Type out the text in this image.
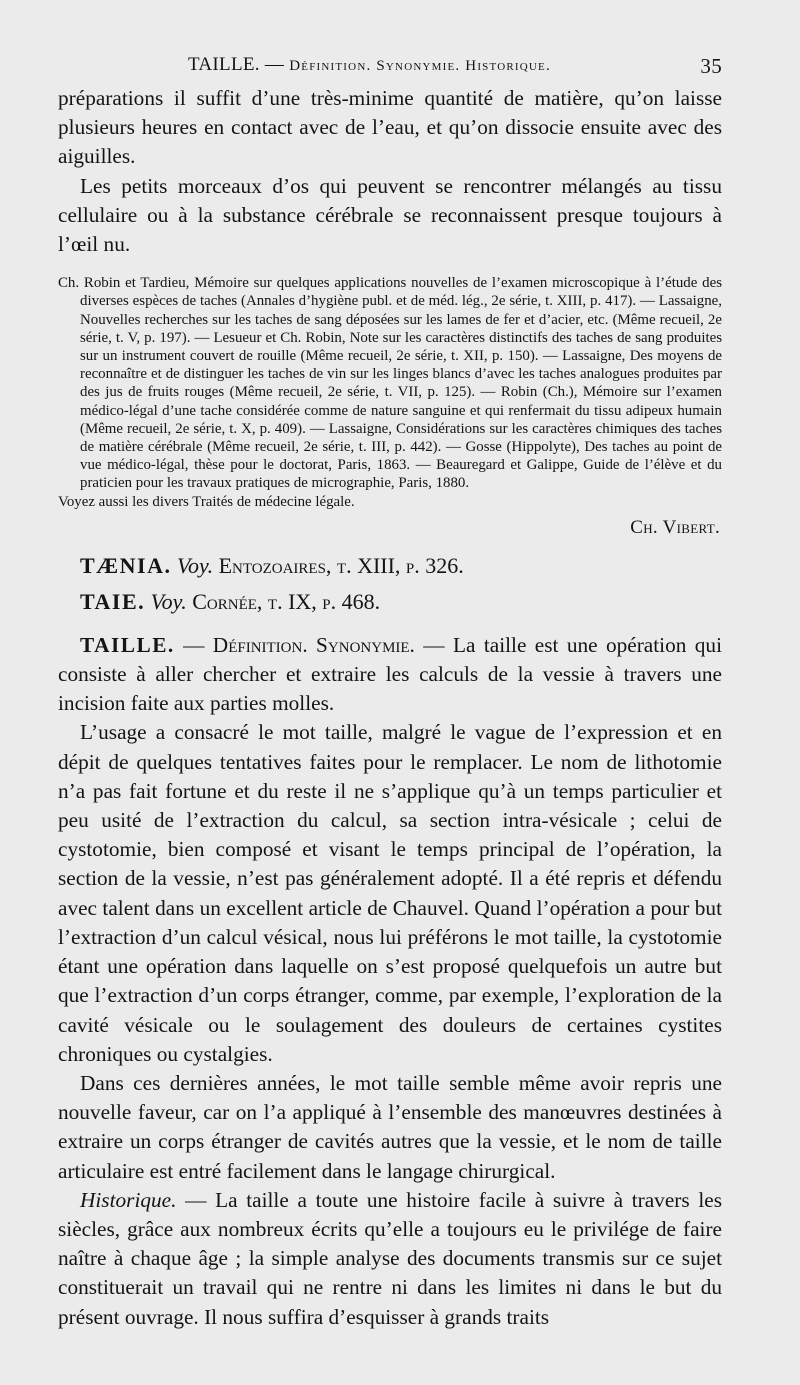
TAILLE. — Définition. Synonymie. Historique.	35

préparations il suffit d’une très-minime quantité de matière, qu’on laisse plusieurs heures en contact avec de l’eau, et qu’on dissocie ensuite avec des aiguilles.

Les petits morceaux d’os qui peuvent se rencontrer mélangés au tissu cellulaire ou à la substance cérébrale se reconnaissent presque toujours à l’œil nu.

Ch. Robin et Tardieu, Mémoire sur quelques applications nouvelles de l’examen microscopique à l’étude des diverses espèces de taches (Annales d’hygiène publ. et de méd. lég., 2e série, t. XIII, p. 417). — Lassaigne, Nouvelles recherches sur les taches de sang déposées sur les lames de fer et d’acier, etc. (Même recueil, 2e série, t. V, p. 197). — Lesueur et Ch. Robin, Note sur les caractères distinctifs des taches de sang produites sur un instrument couvert de rouille (Même recueil, 2e série, t. XII, p. 150). — Lassaigne, Des moyens de reconnaître et de distinguer les taches de vin sur les linges blancs d’avec les taches analogues produites par des jus de fruits rouges (Même recueil, 2e série, t. VII, p. 125). — Robin (Ch.), Mémoire sur l’examen médico-légal d’une tache considérée comme de nature sanguine et qui renfermait du tissu adipeux humain (Même recueil, 2e série, t. X, p. 409). — Lassaigne, Considérations sur les caractères chimiques des taches de matière cérébrale (Même recueil, 2e série, t. III, p. 442). — Gosse (Hippolyte), Des taches au point de vue médico-légal, thèse pour le doctorat, Paris, 1863. — Beauregard et Galippe, Guide de l’élève et du praticien pour les travaux pratiques de micrographie, Paris, 1880.

Voyez aussi les divers Traités de médecine légale.

Ch. Vibert.

TÆNIA. Voy. Entozoaires, t. XIII, p. 326.

TAIE. Voy. Cornée, t. IX, p. 468.

TAILLE. — Définition. Synonymie. — La taille est une opération qui consiste à aller chercher et extraire les calculs de la vessie à travers une incision faite aux parties molles.

L’usage a consacré le mot taille, malgré le vague de l’expression et en dépit de quelques tentatives faites pour le remplacer. Le nom de lithotomie n’a pas fait fortune et du reste il ne s’applique qu’à un temps particulier et peu usité de l’extraction du calcul, sa section intra-vésicale ; celui de cystotomie, bien composé et visant le temps principal de l’opération, la section de la vessie, n’est pas généralement adopté. Il a été repris et défendu avec talent dans un excellent article de Chauvel. Quand l’opération a pour but l’extraction d’un calcul vésical, nous lui préférons le mot taille, la cystotomie étant une opération dans laquelle on s’est proposé quelquefois un autre but que l’extraction d’un corps étranger, comme, par exemple, l’exploration de la cavité vésicale ou le soulagement des douleurs de certaines cystites chroniques ou cystalgies.

Dans ces dernières années, le mot taille semble même avoir repris une nouvelle faveur, car on l’a appliqué à l’ensemble des manœuvres destinées à extraire un corps étranger de cavités autres que la vessie, et le nom de taille articulaire est entré facilement dans le langage chirurgical.

Historique. — La taille a toute une histoire facile à suivre à travers les siècles, grâce aux nombreux écrits qu’elle a toujours eu le privilége de faire naître à chaque âge ; la simple analyse des documents transmis sur ce sujet constituerait un travail qui ne rentre ni dans les limites ni dans le but du présent ouvrage. Il nous suffira d’esquisser à grands traits
